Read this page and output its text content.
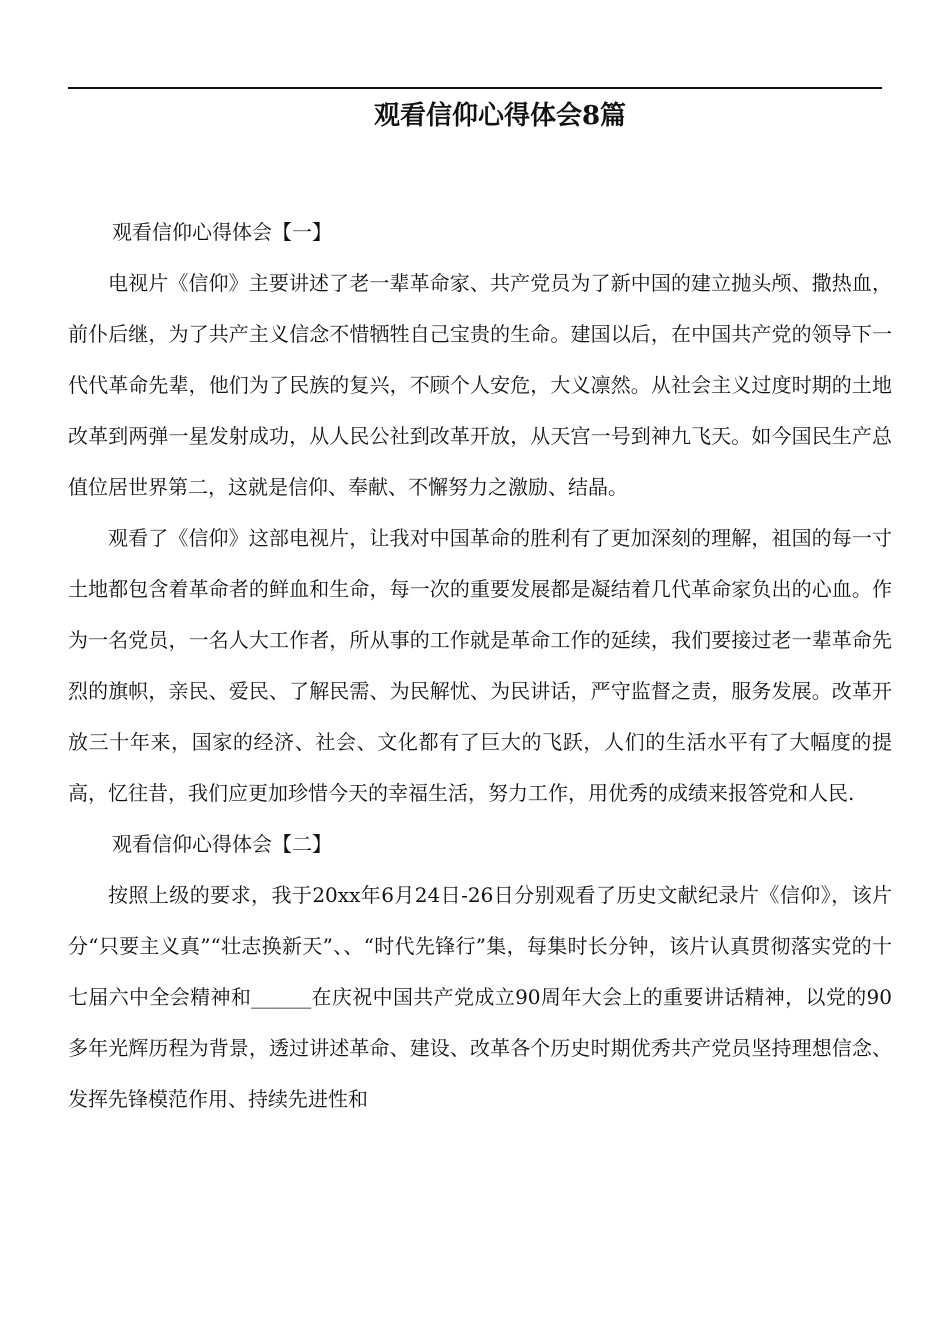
观看信仰心得体会8篇

观看信仰心得体会【一】

电视片《信仰》主要讲述了老一辈革命家、共产党员为了新中国的建立抛头颅、撒热血，前仆后继，为了共产主义信念不惜牺牲自己宝贵的生命。建国以后，在中国共产党的领导下一代代革命先辈，他们为了民族的复兴，不顾个人安危，大义凛然。从社会主义过度时期的土地改革到两弹一星发射成功，从人民公社到改革开放，从天宫一号到神九飞天。如今国民生产总值位居世界第二，这就是信仰、奉献、不懈努力之激励、结晶。

观看了《信仰》这部电视片，让我对中国革命的胜利有了更加深刻的理解，祖国的每一寸土地都包含着革命者的鲜血和生命，每一次的重要发展都是凝结着几代革命家负出的心血。作为一名党员，一名人大工作者，所从事的工作就是革命工作的延续，我们要接过老一辈革命先烈的旗帜，亲民、爱民、了解民需、为民解忧、为民讲话，严守监督之责，服务发展。改革开放三十年来，国家的经济、社会、文化都有了巨大的飞跃，人们的生活水平有了大幅度的提高，忆往昔，我们应更加珍惜今天的幸福生活，努力工作，用优秀的成绩来报答党和人民.

观看信仰心得体会【二】

按照上级的要求，我于20xx年6月24日-26日分别观看了历史文献纪录片《信仰》，该片分“只要主义真”“壮志换新天”、、“时代先锋行”集，每集时长分钟，该片认真贯彻落实党的十七届六中全会精神和______在庆祝中国共产党成立90周年大会上的重要讲话精神，以党的90多年光辉历程为背景，透过讲述革命、建设、改革各个历史时期优秀共产党员坚持理想信念、发挥先锋模范作用、持续先进性和
